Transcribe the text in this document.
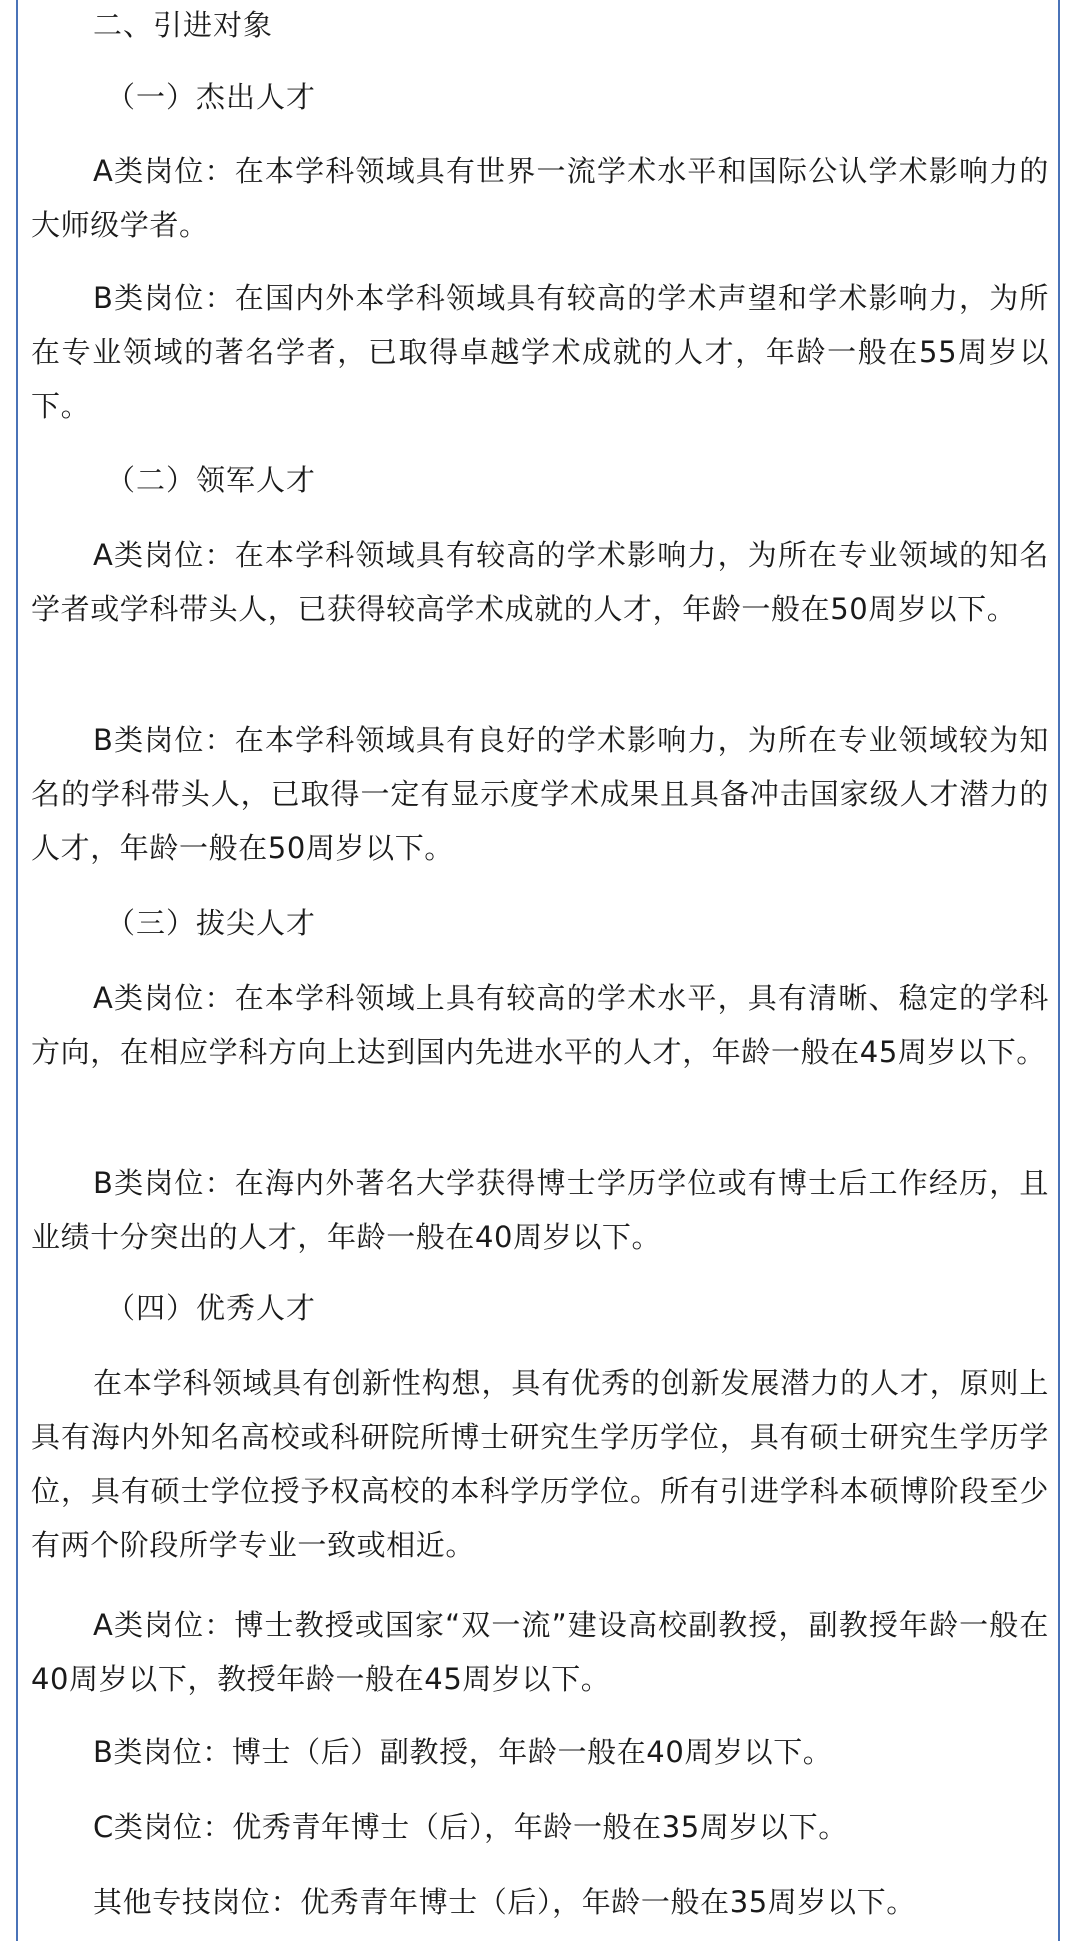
二、引进对象
（一）杰出人才
A类岗位：在本学科领域具有世界一流学术水平和国际公认学术影响力的大师级学者。
B类岗位：在国内外本学科领域具有较高的学术声望和学术影响力，为所在专业领域的著名学者，已取得卓越学术成就的人才，年龄一般在55周岁以下。
（二）领军人才
A类岗位：在本学科领域具有较高的学术影响力，为所在专业领域的知名学者或学科带头人，已获得较高学术成就的人才，年龄一般在50周岁以下。
B类岗位：在本学科领域具有良好的学术影响力，为所在专业领域较为知名的学科带头人，已取得一定有显示度学术成果且具备冲击国家级人才潜力的人才，年龄一般在50周岁以下。
（三）拔尖人才
A类岗位：在本学科领域上具有较高的学术水平，具有清晰、稳定的学科方向，在相应学科方向上达到国内先进水平的人才，年龄一般在45周岁以下。
B类岗位：在海内外著名大学获得博士学历学位或有博士后工作经历，且业绩十分突出的人才，年龄一般在40周岁以下。
（四）优秀人才
在本学科领域具有创新性构想，具有优秀的创新发展潜力的人才，原则上具有海内外知名高校或科研院所博士研究生学历学位，具有硕士研究生学历学位，具有硕士学位授予权高校的本科学历学位。所有引进学科本硕博阶段至少有两个阶段所学专业一致或相近。
A类岗位：博士教授或国家“双一流”建设高校副教授，副教授年龄一般在40周岁以下，教授年龄一般在45周岁以下。
B类岗位：博士（后）副教授，年龄一般在40周岁以下。
C类岗位：优秀青年博士（后），年龄一般在35周岁以下。
其他专技岗位：优秀青年博士（后），年龄一般在35周岁以下。
